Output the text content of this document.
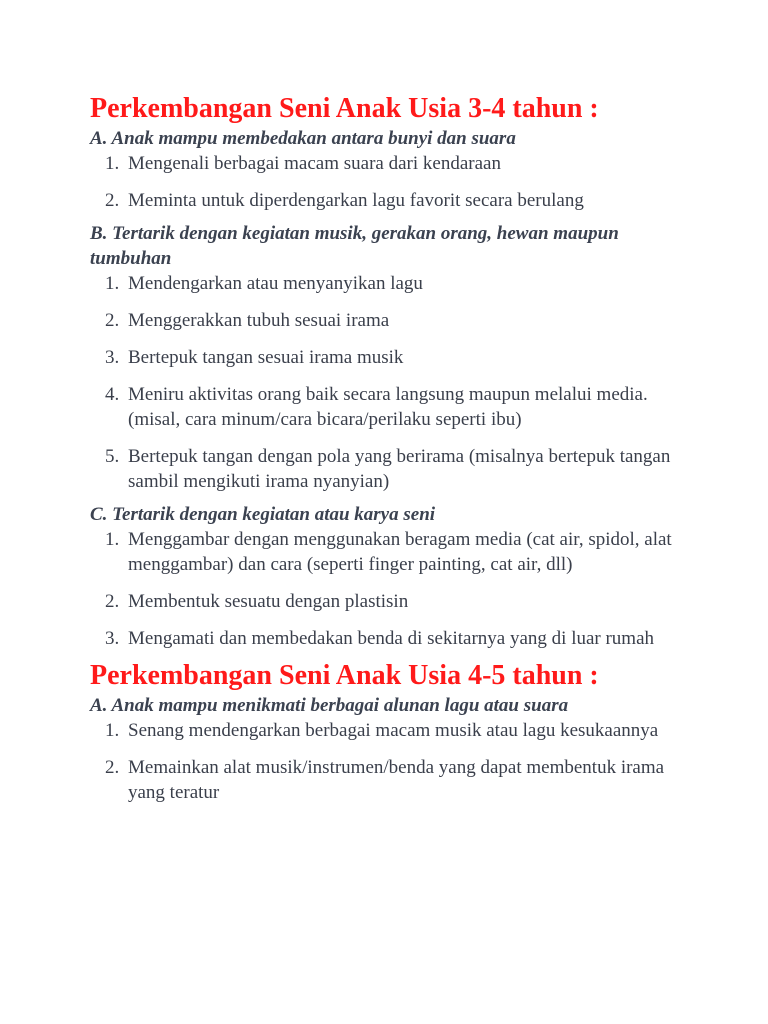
Perkembangan Seni Anak Usia 3-4 tahun :

A. Anak mampu membedakan antara bunyi dan suara

1. Mengenali berbagai macam suara dari kendaraan
2. Meminta untuk diperdengarkan lagu favorit secara berulang

B. Tertarik dengan kegiatan musik, gerakan orang, hewan maupun tumbuhan

1. Mendengarkan atau menyanyikan lagu
2. Menggerakkan tubuh sesuai irama
3. Bertepuk tangan sesuai irama musik
4. Meniru aktivitas orang baik secara langsung maupun melalui media. (misal, cara minum/cara bicara/perilaku seperti ibu)
5. Bertepuk tangan dengan pola yang berirama (misalnya bertepuk tangan sambil mengikuti irama nyanyian)

C. Tertarik dengan kegiatan atau karya seni

1. Menggambar dengan menggunakan beragam media (cat air, spidol, alat menggambar) dan cara (seperti finger painting, cat air, dll)
2. Membentuk sesuatu dengan plastisin
3. Mengamati dan membedakan benda di sekitarnya yang di luar rumah
Perkembangan Seni Anak Usia 4-5 tahun :

A. Anak mampu menikmati berbagai alunan lagu atau suara

1. Senang mendengarkan berbagai macam musik atau lagu kesukaannya
2. Memainkan alat musik/instrumen/benda yang dapat membentuk irama yang teratur
